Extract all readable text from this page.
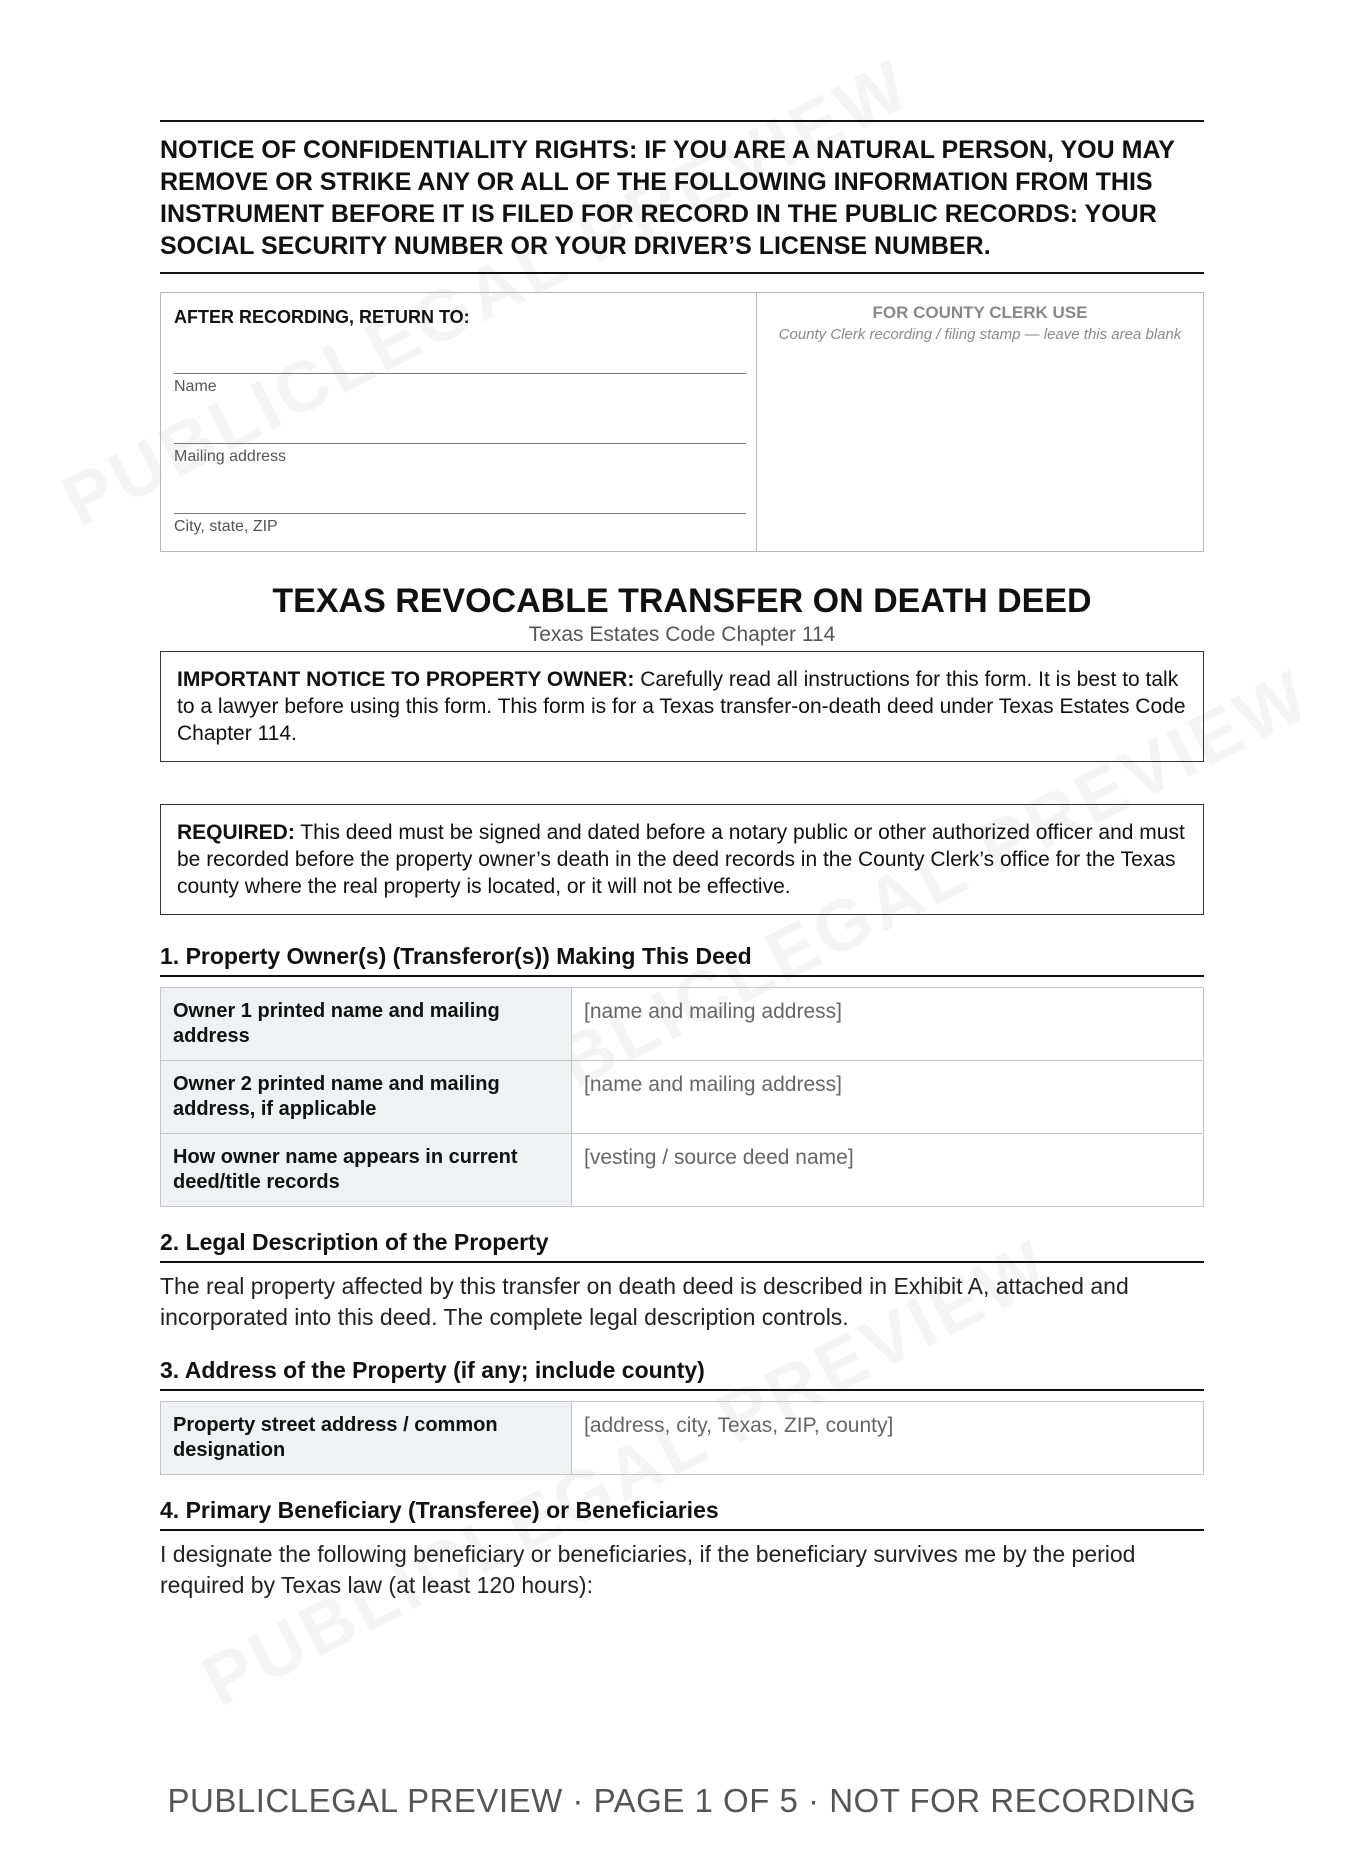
NOTICE OF CONFIDENTIALITY RIGHTS: IF YOU ARE A NATURAL PERSON, YOU MAY REMOVE OR STRIKE ANY OR ALL OF THE FOLLOWING INFORMATION FROM THIS INSTRUMENT BEFORE IT IS FILED FOR RECORD IN THE PUBLIC RECORDS: YOUR SOCIAL SECURITY NUMBER OR YOUR DRIVER’S LICENSE NUMBER.
AFTER RECORDING, RETURN TO:
Name
Mailing address
City, state, ZIP
FOR COUNTY CLERK USE
County Clerk recording / filing stamp — leave this area blank
TEXAS REVOCABLE TRANSFER ON DEATH DEED
Texas Estates Code Chapter 114
IMPORTANT NOTICE TO PROPERTY OWNER: Carefully read all instructions for this form. It is best to talk to a lawyer before using this form. This form is for a Texas transfer-on-death deed under Texas Estates Code Chapter 114.
REQUIRED: This deed must be signed and dated before a notary public or other authorized officer and must be recorded before the property owner’s death in the deed records in the County Clerk’s office for the Texas county where the real property is located, or it will not be effective.
1. Property Owner(s) (Transferor(s)) Making This Deed
Owner 1 printed name and mailing address	[name and mailing address]
Owner 2 printed name and mailing address, if applicable	[name and mailing address]
How owner name appears in current deed/title records	[vesting / source deed name]
2. Legal Description of the Property
The real property affected by this transfer on death deed is described in Exhibit A, attached and incorporated into this deed. The complete legal description controls.
3. Address of the Property (if any; include county)
Property street address / common designation	[address, city, Texas, ZIP, county]
4. Primary Beneficiary (Transferee) or Beneficiaries
I designate the following beneficiary or beneficiaries, if the beneficiary survives me by the period required by Texas law (at least 120 hours):
PUBLICLEGAL PREVIEW · PAGE 1 OF 5 · NOT FOR RECORDING
